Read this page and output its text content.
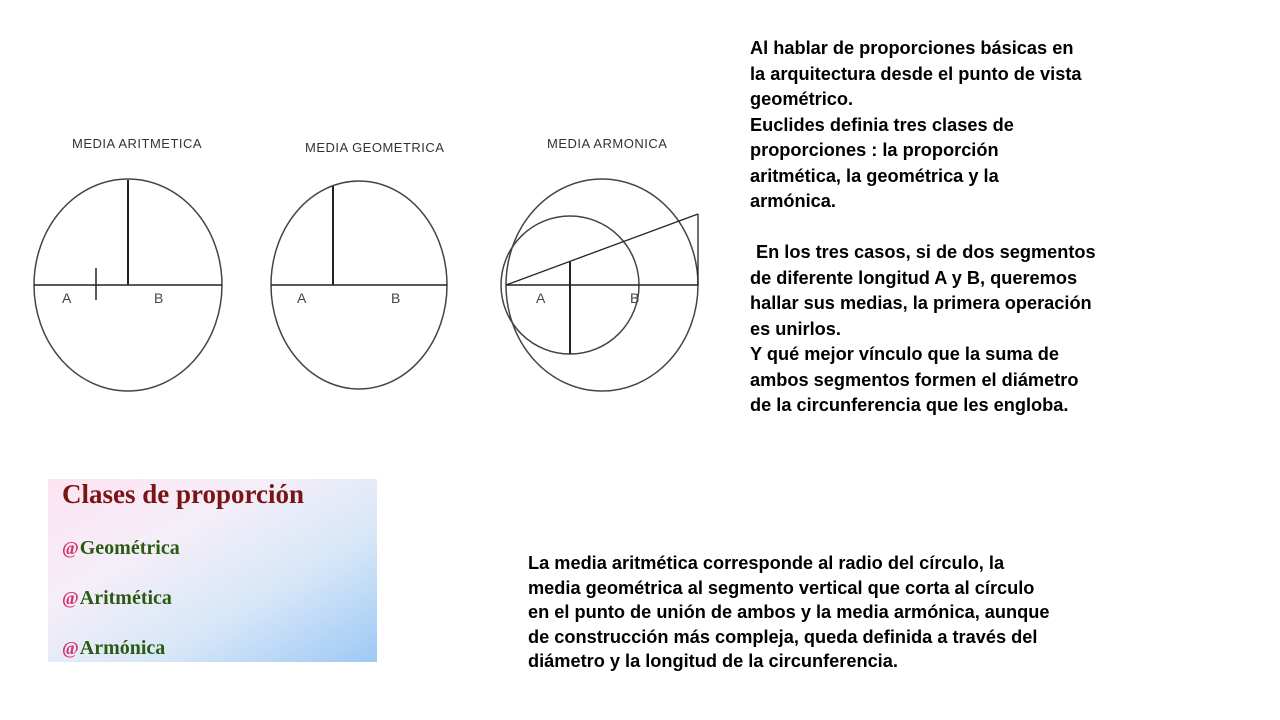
MEDIA ARITMETICA
A	B
MEDIA GEOMETRICA
A	B
MEDIA ARMONICA
A	B

Al hablar de proporciones básicas en

la arquitectura desde el punto de vista

geométrico.

Euclides definia tres clases de

proporciones : la proporción

aritmética, la geométrica y la

armónica.

En los tres casos, si de dos segmentos

de diferente longitud A y B, queremos

hallar sus medias, la primera operación

es unirlos.

Y qué mejor vínculo que la suma de

ambos segmentos formen el diámetro

de la circunferencia que les engloba.

Clases de proporción
@Geométrica
@Aritmética
@Armónica
La media aritmética corresponde al radio del círculo, la
media geométrica al segmento vertical que corta al círculo
en el punto de unión de ambos y la media armónica, aunque
de construcción más compleja, queda definida a través del
diámetro y la longitud de la circunferencia.
